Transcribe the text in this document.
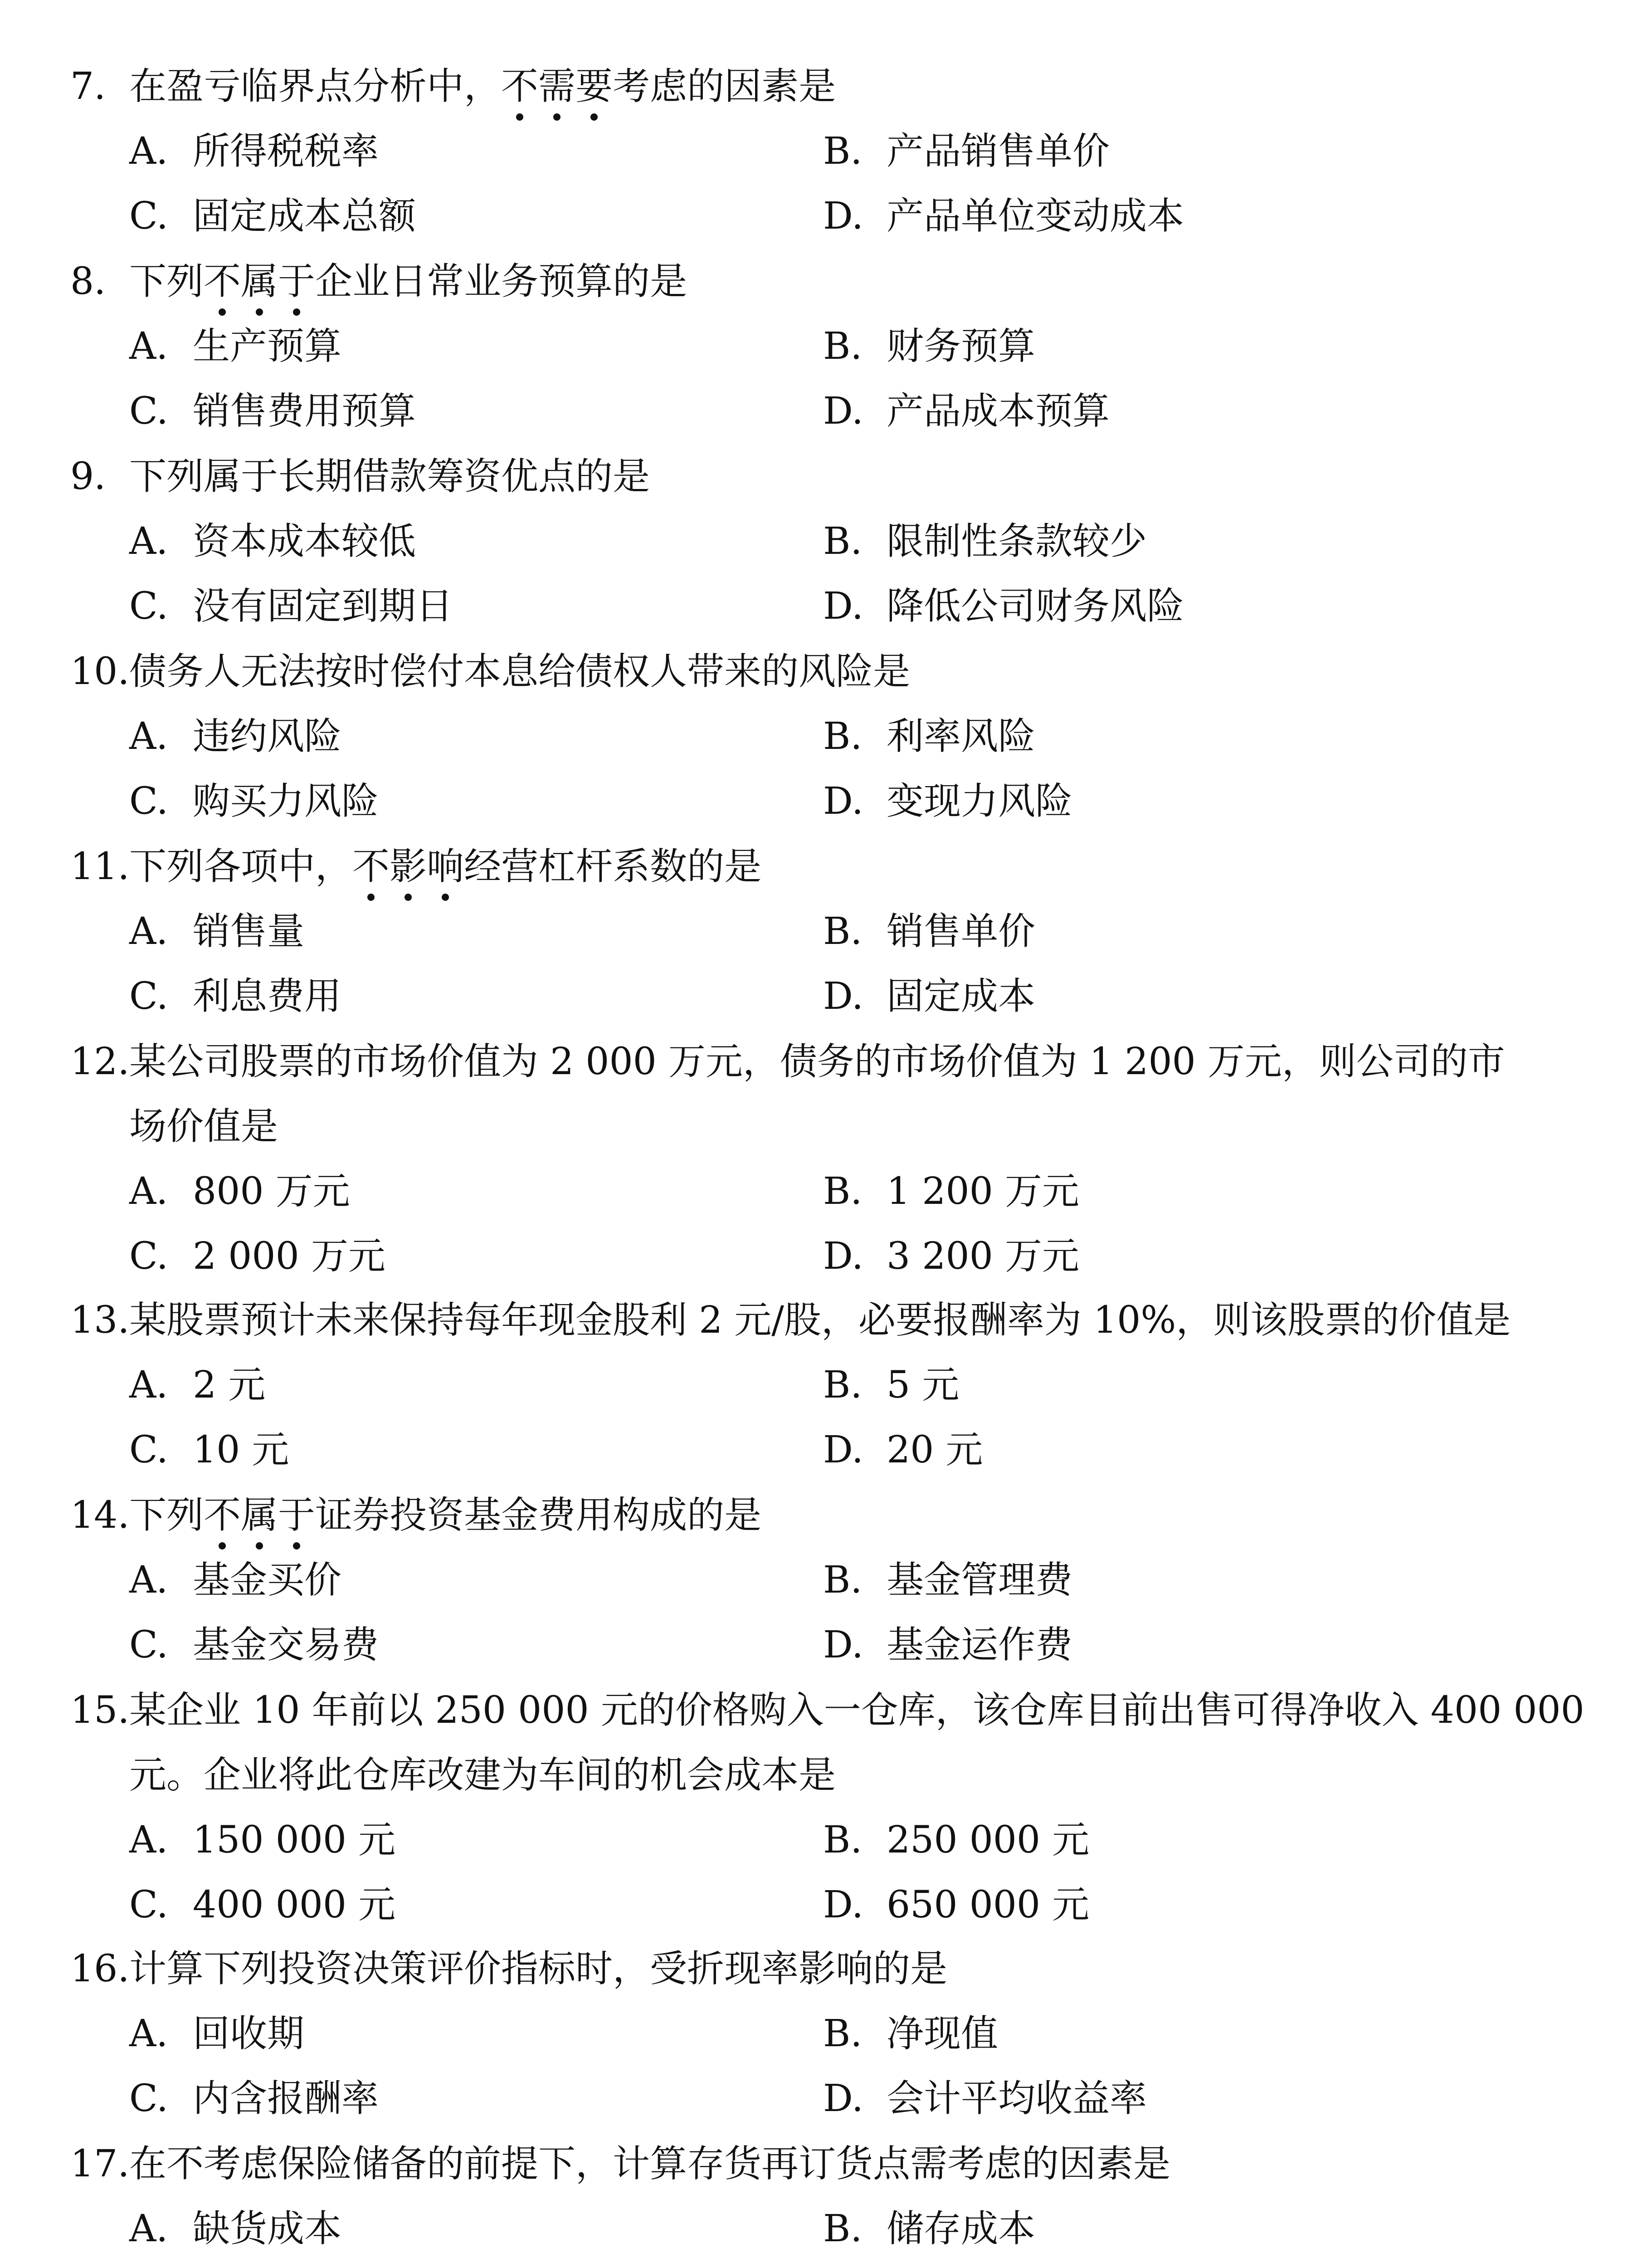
7. 在盈亏临界点分析中，不需要考虑的因素是
A. 所得税税率	B. 产品销售单价
C. 固定成本总额	D. 产品单位变动成本
8. 下列不属于企业日常业务预算的是
A. 生产预算	B. 财务预算
C. 销售费用预算	D. 产品成本预算
9. 下列属于长期借款筹资优点的是
A. 资本成本较低	B. 限制性条款较少
C. 没有固定到期日	D. 降低公司财务风险
10.债务人无法按时偿付本息给债权人带来的风险是
A. 违约风险	B. 利率风险
C. 购买力风险	D. 变现力风险
11.下列各项中，不影响经营杠杆系数的是
A. 销售量	B. 销售单价
C. 利息费用	D. 固定成本
12.某公司股票的市场价值为 2 000 万元，债务的市场价值为 1 200 万元，则公司的市
场价值是
A. 800 万元	B. 1 200 万元
C. 2 000 万元	D. 3 200 万元
13.某股票预计未来保持每年现金股利 2 元/股，必要报酬率为 10%，则该股票的价值是
A. 2 元	B. 5 元
C. 10 元	D. 20 元
14.下列不属于证券投资基金费用构成的是
A. 基金买价	B. 基金管理费
C. 基金交易费	D. 基金运作费
15.某企业 10 年前以 250 000 元的价格购入一仓库，该仓库目前出售可得净收入 400 000
元。企业将此仓库改建为车间的机会成本是
A. 150 000 元	B. 250 000 元
C. 400 000 元	D. 650 000 元
16.计算下列投资决策评价指标时，受折现率影响的是
A. 回收期	B. 净现值
C. 内含报酬率	D. 会计平均收益率
17.在不考虑保险储备的前提下，计算存货再订货点需考虑的因素是
A. 缺货成本	B. 储存成本
